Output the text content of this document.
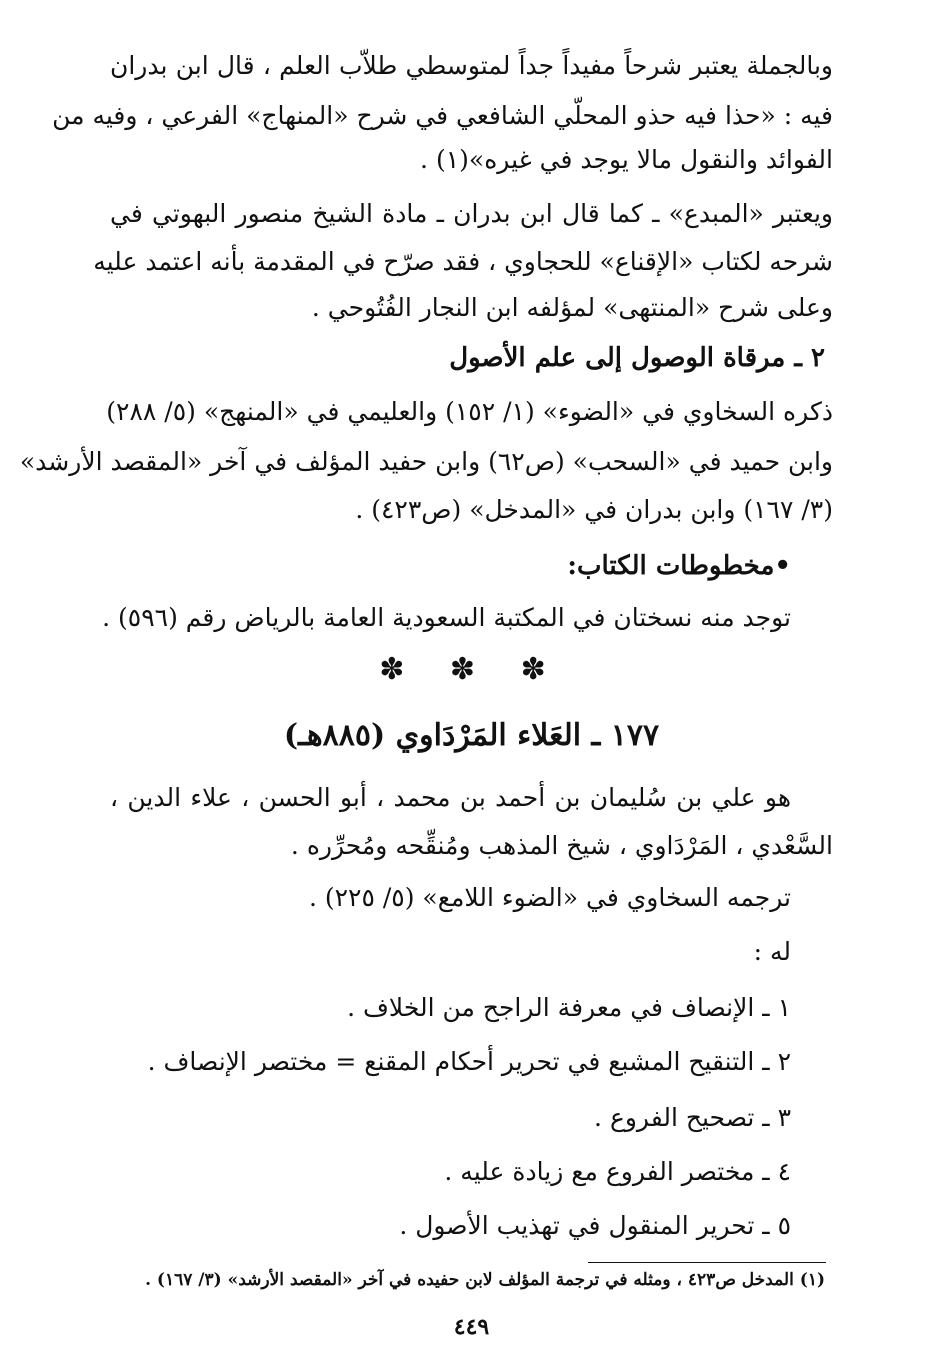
وبالجملة يعتبر شرحاً مفيداً جداً لمتوسطي طلاّب العلم ، قال ابن بدران
فيه : «حذا فيه حذو المحلّي الشافعي في شرح «المنهاج» الفرعي ، وفيه من
الفوائد والنقول مالا يوجد في غيره»(١) .
ويعتبر «المبدع» ـ كما قال ابن بدران ـ مادة الشيخ منصور البهوتي في
شرحه لكتاب «الإقناع» للحجاوي ، فقد صرّح في المقدمة بأنه اعتمد عليه
وعلى شرح «المنتهى» لمؤلفه ابن النجار الفُتُوحي .
٢ ـ مرقاة الوصول إلى علم الأصول
ذكره السخاوي في «الضوء» (١/ ١٥٢) والعليمي في «المنهج» (٥/ ٢٨٨)
وابن حميد في «السحب» (ص٦٢) وابن حفيد المؤلف في آخر «المقصد الأرشد»
(٣/ ١٦٧) وابن بدران في «المدخل» (ص٤٢٣) .
•مخطوطات الكتاب:
توجد منه نسختان في المكتبة السعودية العامة بالرياض رقم (٥٩٦) .
✽ ✽ ✽
١٧٧ ـ العَلاء المَرْدَاوي (٨٨٥هـ)
هو علي بن سُليمان بن أحمد بن محمد ، أبو الحسن ، علاء الدين ،
السَّعْدي ، المَرْدَاوي ، شيخ المذهب ومُنقِّحه ومُحرِّره .
ترجمه السخاوي في «الضوء اللامع» (٥/ ٢٢٥) .
له :
١ ـ الإنصاف في معرفة الراجح من الخلاف .
٢ ـ التنقيح المشبع في تحرير أحكام المقنع = مختصر الإنصاف .
٣ ـ تصحيح الفروع .
٤ ـ مختصر الفروع مع زيادة عليه .
٥ ـ تحرير المنقول في تهذيب الأصول .
(١) المدخل ص٤٢٣ ، ومثله في ترجمة المؤلف لابن حفيده في آخر «المقصد الأرشد» (٣/ ١٦٧) .
٤٤٩
